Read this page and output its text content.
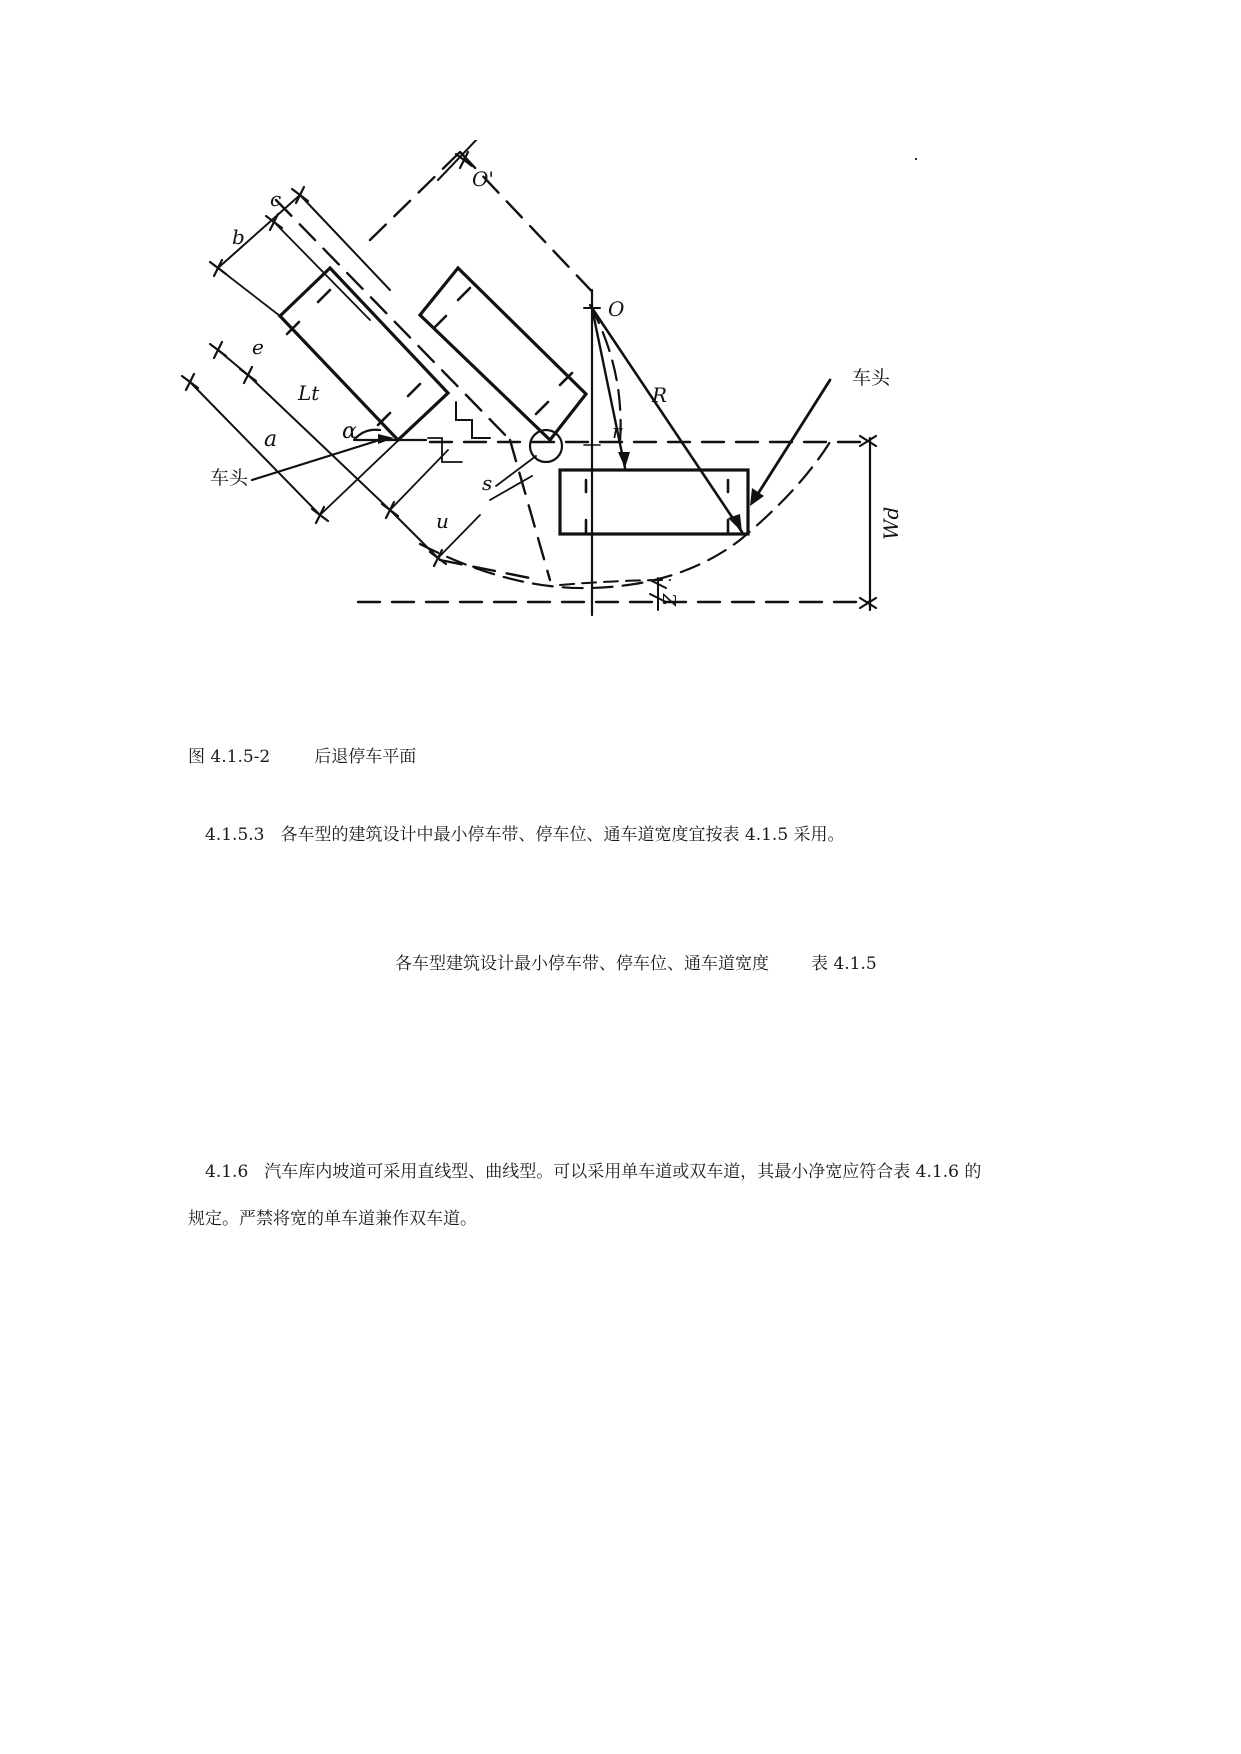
b
c
e
Lt
a	α
u
s
O'
O
R
r
Wd
Z
车头
车头
图 4.1.5-2	后退停车平面
4.1.5.3 各车型的建筑设计中最小停车带、停车位、通车道宽度宜按表 4.1.5 采用。
各车型建筑设计最小停车带、停车位、通车道宽度 表 4.1.5
4.1.6 汽车库内坡道可采用直线型、曲线型。可以采用单车道或双车道，其最小净宽应符合表 4.1.6 的
规定。严禁将宽的单车道兼作双车道。
